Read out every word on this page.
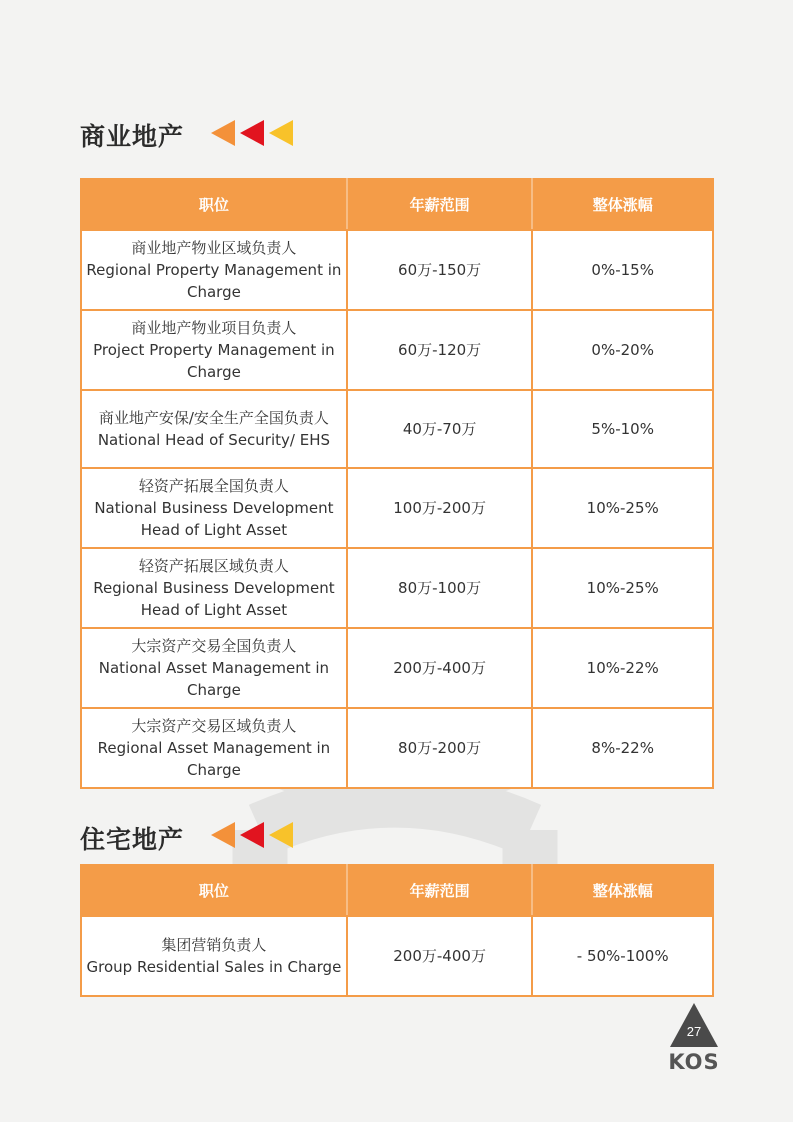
商业地产
职位	年薪范围	整体涨幅

商业地产物业区域负责人
Regional Property Management in Charge	60万-150万	0%-15%

商业地产物业项目负责人
Project Property Management in Charge	60万-120万	0%-20%

商业地产安保/安全生产全国负责人
National Head of Security/ EHS	40万-70万	5%-10%

轻资产拓展全国负责人
National Business Development Head of Light Asset	100万-200万	10%-25%

轻资产拓展区域负责人
Regional Business Development Head of Light Asset	80万-100万	10%-25%

大宗资产交易全国负责人
National Asset Management in Charge	200万-400万	10%-22%

大宗资产交易区域负责人
Regional Asset Management in Charge	80万-200万	8%-22%
住宅地产
职位	年薪范围	整体涨幅

集团营销负责人
Group Residential Sales in Charge	200万-400万	- 50%-100%
27
KOS
